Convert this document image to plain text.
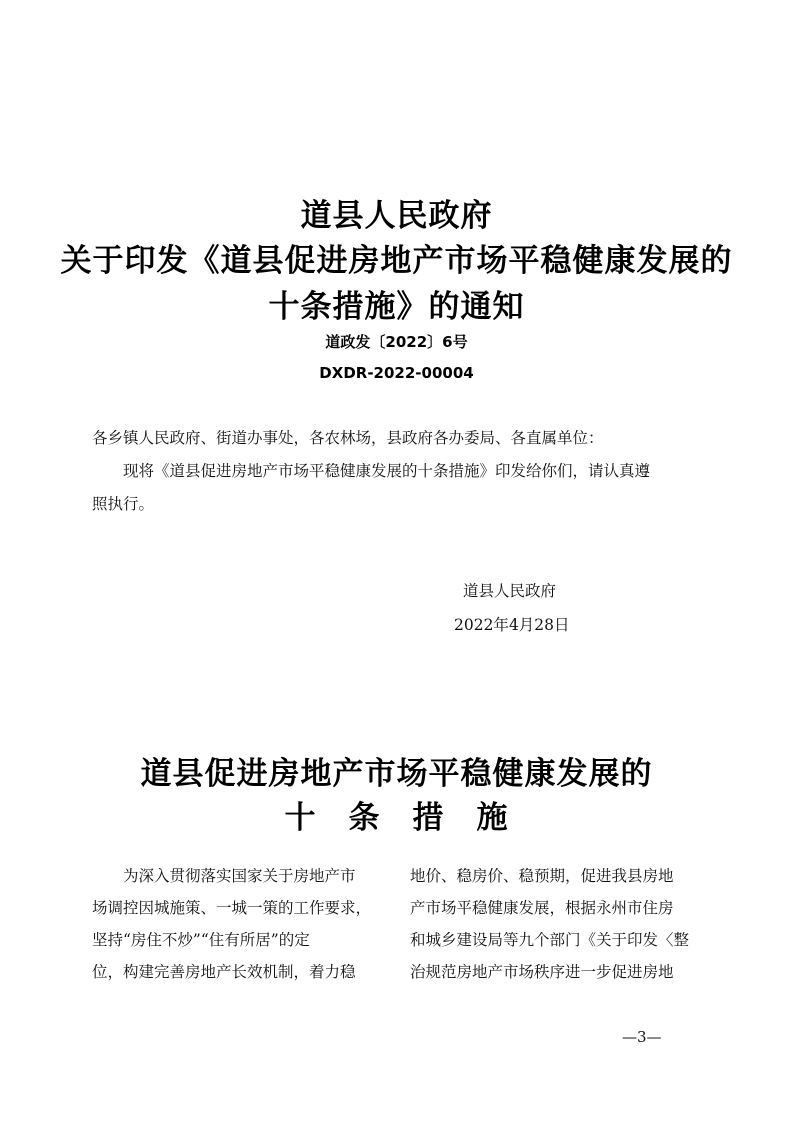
道县人民政府
关于印发《道县促进房地产市场平稳健康发展的
十条措施》的通知
道政发〔2022〕6号
DXDR-2022-00004
各乡镇人民政府、街道办事处，各农林场，县政府各办委局、各直属单位：
现将《道县促进房地产市场平稳健康发展的十条措施》印发给你们，请认真遵
照执行。
道县人民政府
2022年4月28日
道县促进房地产市场平稳健康发展的
十　条　措　施
为深入贯彻落实国家关于房地产市
场调控因城施策、一城一策的工作要求，
坚持“房住不炒”“住有所居”的定
位，构建完善房地产长效机制，着力稳
地价、稳房价、稳预期，促进我县房地
产市场平稳健康发展，根据永州市住房
和城乡建设局等九个部门《关于印发〈整
治规范房地产市场秩序进一步促进房地
—3—
